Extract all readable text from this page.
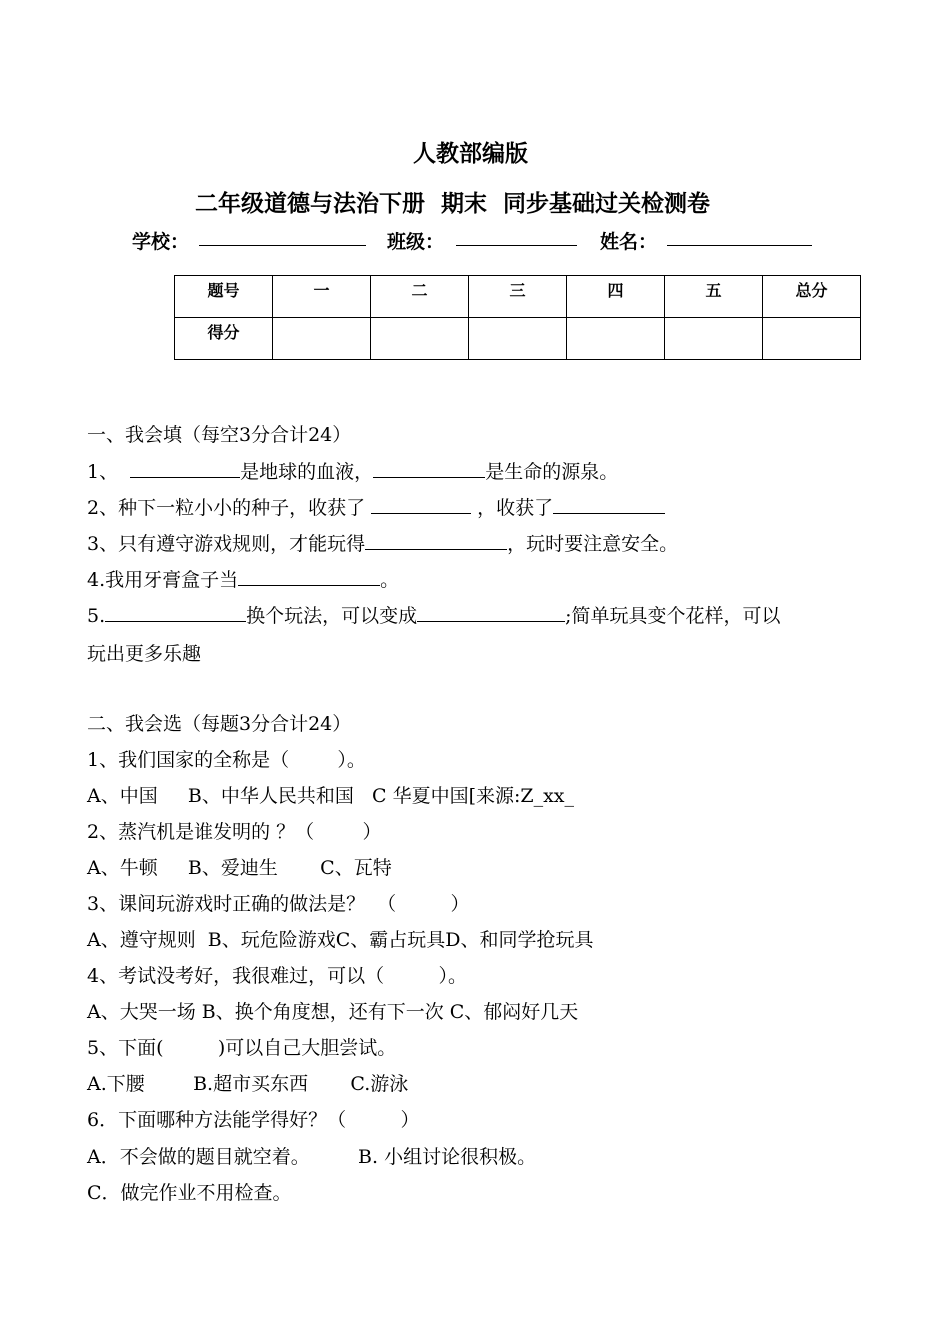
人教部编版
二年级道德与法治下册  期末  同步基础过关检测卷
学校：	班级：	姓名：
题号	一	二	三	四	五	总分
得分						
一、我会填（每空3分合计24）
1、	是地球的血液，	是生命的源泉。
2、种下一粒小小的种子，收获了	，收获了
3、只有遵守游戏规则，才能玩得	，玩时要注意安全。
4.我用牙膏盒子当	。
5.	换个玩法，可以变成	;简单玩具变个花样，可以
玩出更多乐趣
二、我会选（每题3分合计24）
1、我们国家的全称是（        ）。
A、中国     B、中华人民共和国   C 华夏中国[来源:Z_xx_
2、蒸汽机是谁发明的 ？（        ）
A、牛顿     B、爱迪生       C、瓦特
3、课间玩游戏时正确的做法是？  （         ）
A、遵守规则  B、玩危险游戏C、霸占玩具D、和同学抢玩具
4、考试没考好，我很难过，可以（         ）。
A、大哭一场 B、换个角度想，还有下一次 C、郁闷好几天
5、下面(         )可以自己大胆尝试。
A.下腰        B.超市买东西       C.游泳
6．下面哪种方法能学得好？（         ）
A．不会做的题目就空着。        B. 小组讨论很积极。
C．做完作业不用检查。
